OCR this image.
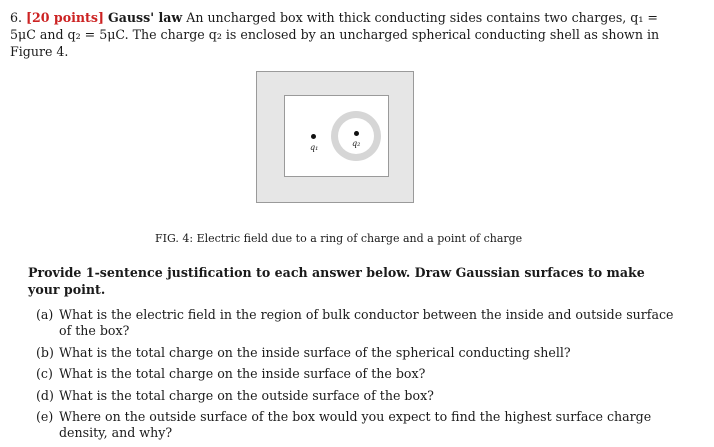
6. [20 points] Gauss' law An uncharged box with thick conducting sides contains two charges, q₁ = 5μC and q₂ = 5μC. The charge q₂ is enclosed by an uncharged spherical conducting shell as shown in Figure 4.
q₁	q₂
FIG. 4: Electric field due to a ring of charge and a point of charge
Provide 1-sentence justification to each answer below. Draw Gaussian surfaces to make your point.
(a) What is the electric field in the region of bulk conductor between the inside and outside surface of the box?
(b) What is the total charge on the inside surface of the spherical conducting shell?
(c) What is the total charge on the inside surface of the box?
(d) What is the total charge on the outside surface of the box?
(e) Where on the outside surface of the box would you expect to find the highest surface charge density, and why?
